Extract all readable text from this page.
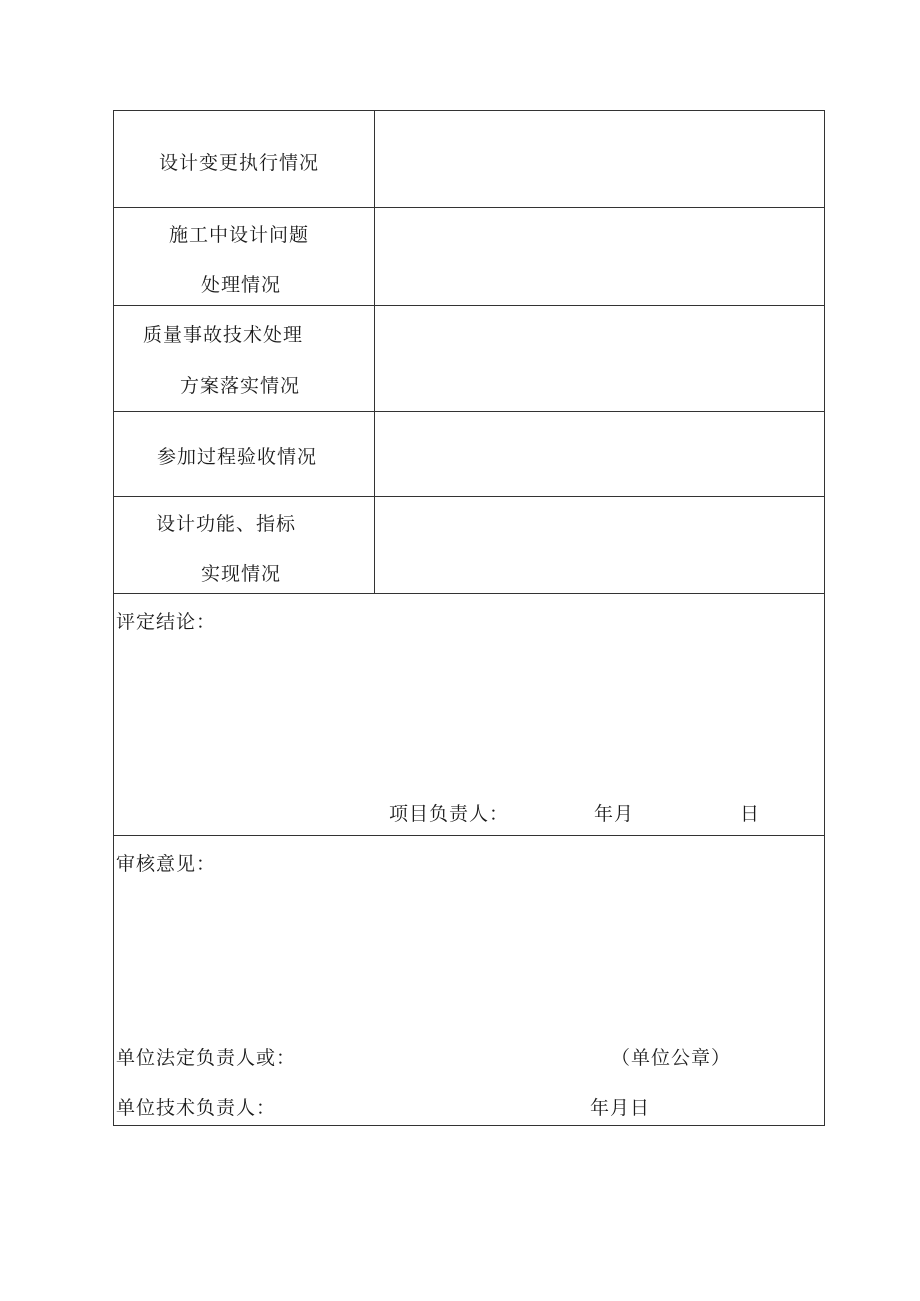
设计变更执行情况
施工中设计问题
处理情况
质量事故技术处理
方案落实情况
参加过程验收情况
设计功能、指标
实现情况
评定结论：
项目负责人：	年月	日
审核意见：
单位法定负责人或：	（单位公章）
单位技术负责人：	年月日
